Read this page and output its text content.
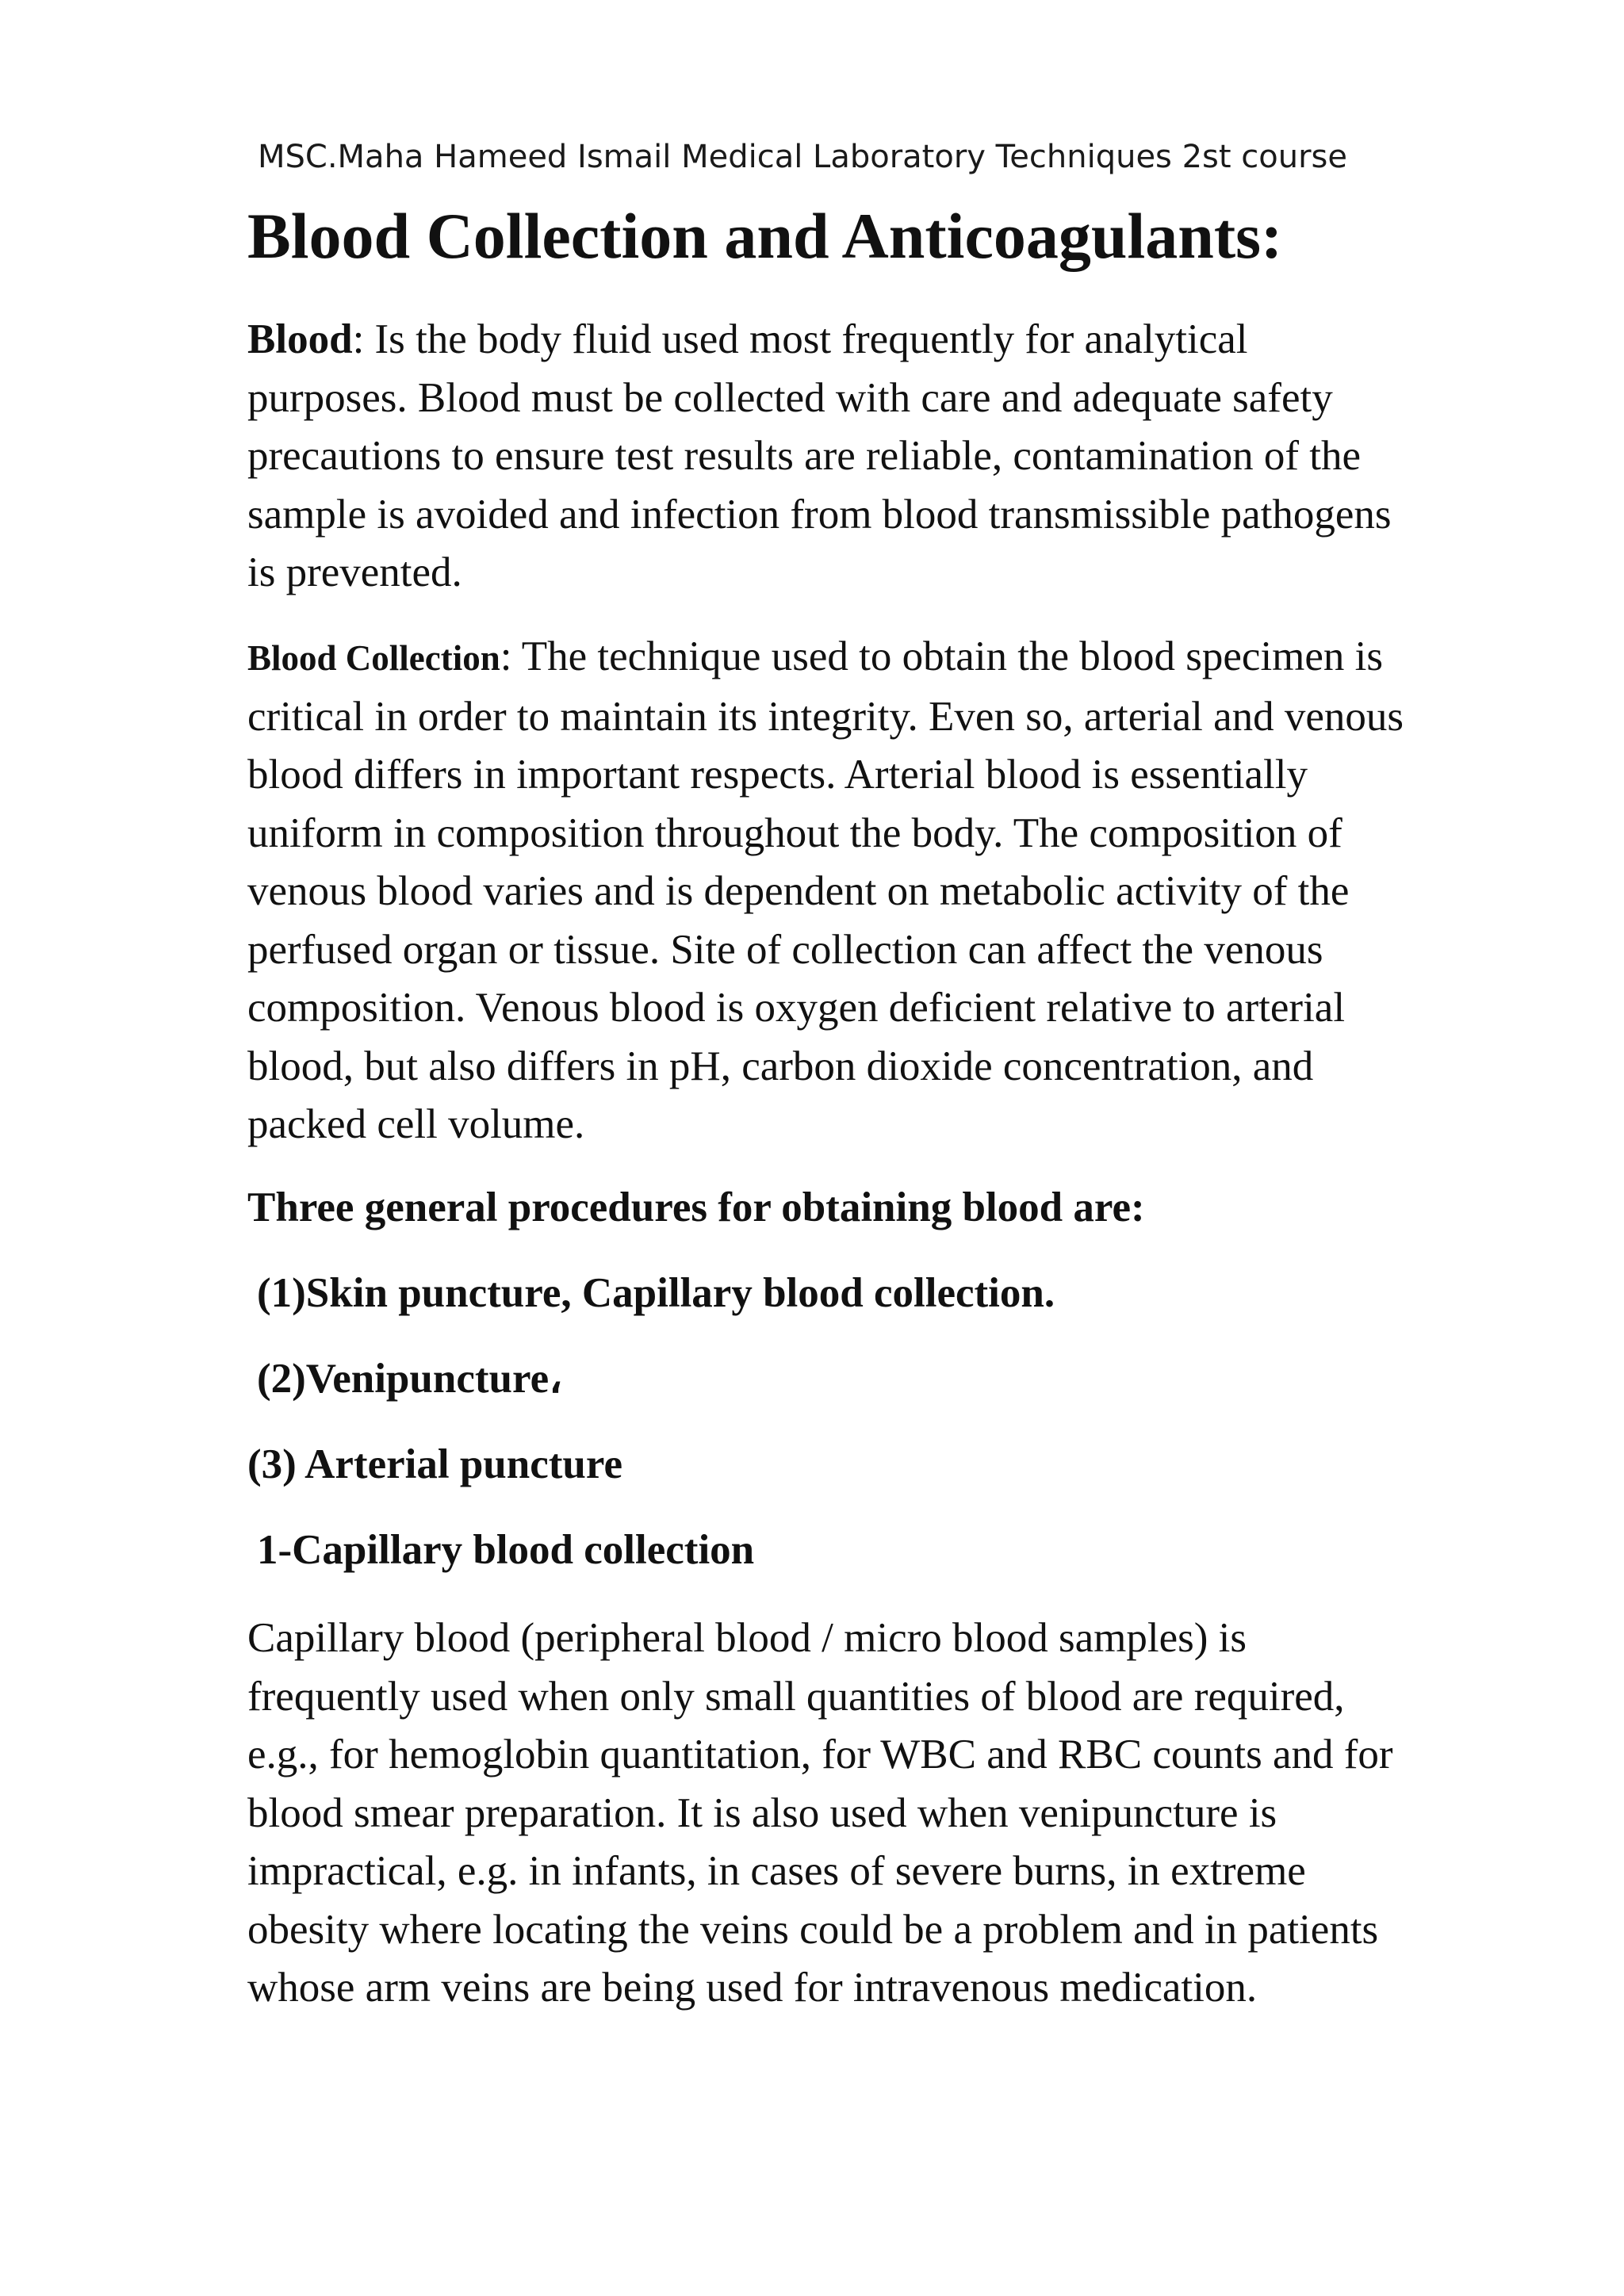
MSC.Maha Hameed Ismail Medical Laboratory Techniques 2st course
Blood Collection and Anticoagulants:

Blood: Is the body fluid used most frequently for analytical purposes. Blood must be collected with care and adequate safety precautions to ensure test results are reliable, contamination of the sample is avoided and infection from blood transmissible pathogens is prevented.

Blood Collection: The technique used to obtain the blood specimen is critical in order to maintain its integrity. Even so, arterial and venous blood differs in important respects. Arterial blood is essentially uniform in composition throughout the body. The composition of venous blood varies and is dependent on metabolic activity of the perfused organ or tissue. Site of collection can affect the venous composition. Venous blood is oxygen deficient relative to arterial blood, but also differs in pH, carbon dioxide concentration, and packed cell volume.

Three general procedures for obtaining blood are:

(1)Skin puncture, Capillary blood collection.

(2)Venipuncture،

(3) Arterial puncture

1-Capillary blood collection

Capillary blood (peripheral blood / micro blood samples) is frequently used when only small quantities of blood are required, e.g., for hemoglobin quantitation, for WBC and RBC counts and for blood smear preparation. It is also used when venipuncture is impractical, e.g. in infants, in cases of severe burns, in extreme obesity where locating the veins could be a problem and in patients whose arm veins are being used for intravenous medication.
